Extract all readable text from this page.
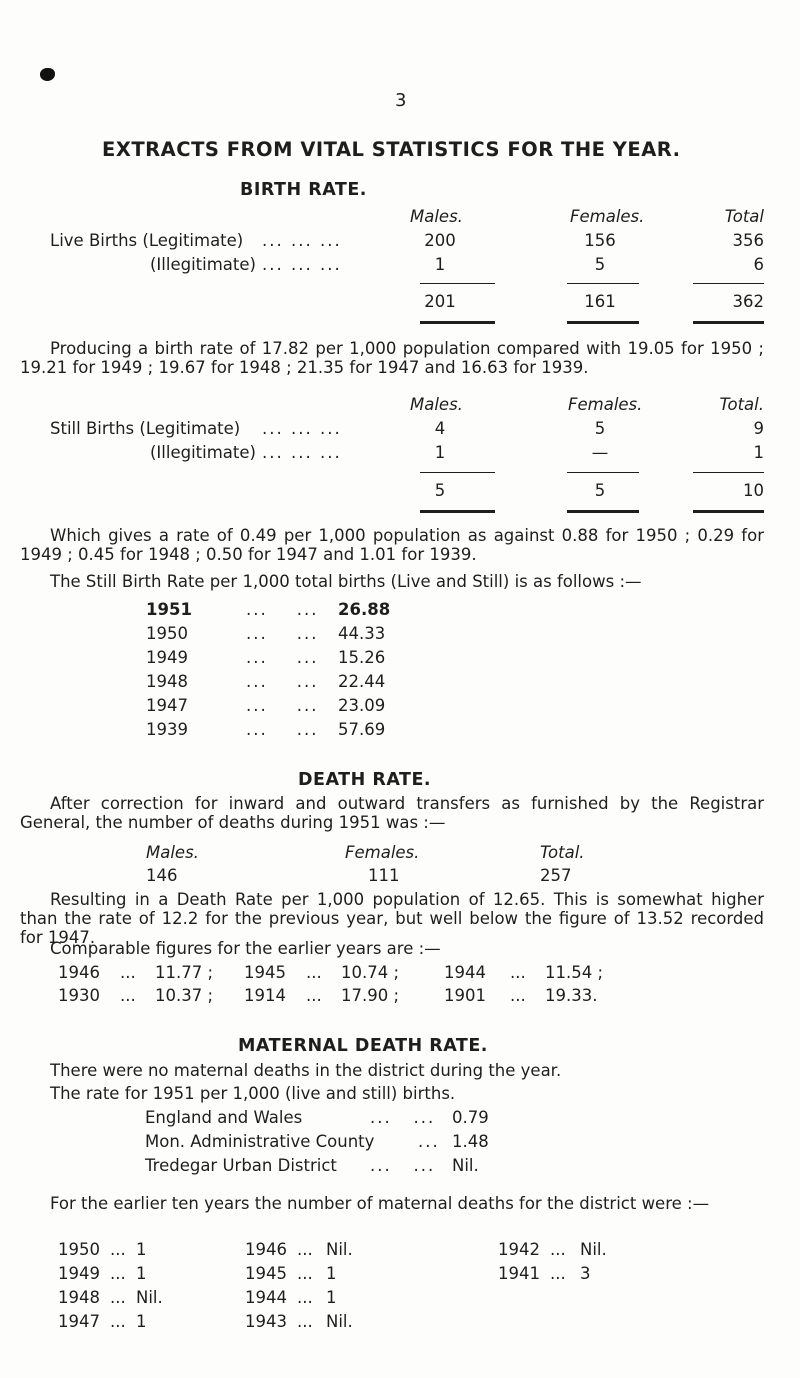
3
EXTRACTS FROM VITAL STATISTICS FOR THE YEAR.
BIRTH RATE.
Males.	Females.	Total
Live Births (Legitimate) ... ... ...	200	156	356
(Illegitimate) ... ... ...	1	5	6
201	161	362

Producing a birth rate of 17.82 per 1,000 population compared with 19.05 for 1950 ; 19.21 for 1949 ; 19.67 for 1948 ; 21.35 for 1947 and 16.63 for 1939.

Males.	Females.	Total.
Still Births (Legitimate) ... ... ...	4	5	9
(Illegitimate) ... ... ...	1	—	1
5	5	10

Which gives a rate of 0.49 per 1,000 population as against 0.88 for 1950 ; 0.29 for 1949 ; 0.45 for 1948 ; 0.50 for 1947 and 1.01 for 1939.

The Still Birth Rate per 1,000 total births (Live and Still) is as follows :—

1951	...    ... 26.88
1950	...    ... 44.33
1949	...    ... 15.26
1948	...    ... 22.44
1947	...    ... 23.09
1939	...    ... 57.69
DEATH RATE.

After correction for inward and outward transfers as furnished by the Registrar General, the number of deaths during 1951 was :—

Males.	Females.	Total.
146	111	257

Resulting in a Death Rate per 1,000 population of 12.65. This is somewhat higher than the rate of 12.2 for the previous year, but well below the figure of 13.52 recorded for 1947.

Comparable figures for the earlier years are :—

1946 ... 11.77 ; 1945 ... 10.74 ;	1944 ... 11.54 ;
1930 ... 10.37 ; 1914 ... 17.90 ;	1901 ... 19.33.
MATERNAL DEATH RATE.
There were no maternal deaths in the district during the year.
The rate for 1951 per 1,000 (live and still) births.
England and Wales	...   ... 0.79
Mon. Administrative County	... 1.48
Tredegar Urban District ...   ... Nil.

For the earlier ten years the number of maternal deaths for the district were :—

1950 ... 1
1949 ... 1
1948 ... Nil.
1947 ... 1
1946 ... Nil.
1945 ... 1
1944 ... 1
1943 ... Nil.
1942 ... Nil.
1941 ... 3
